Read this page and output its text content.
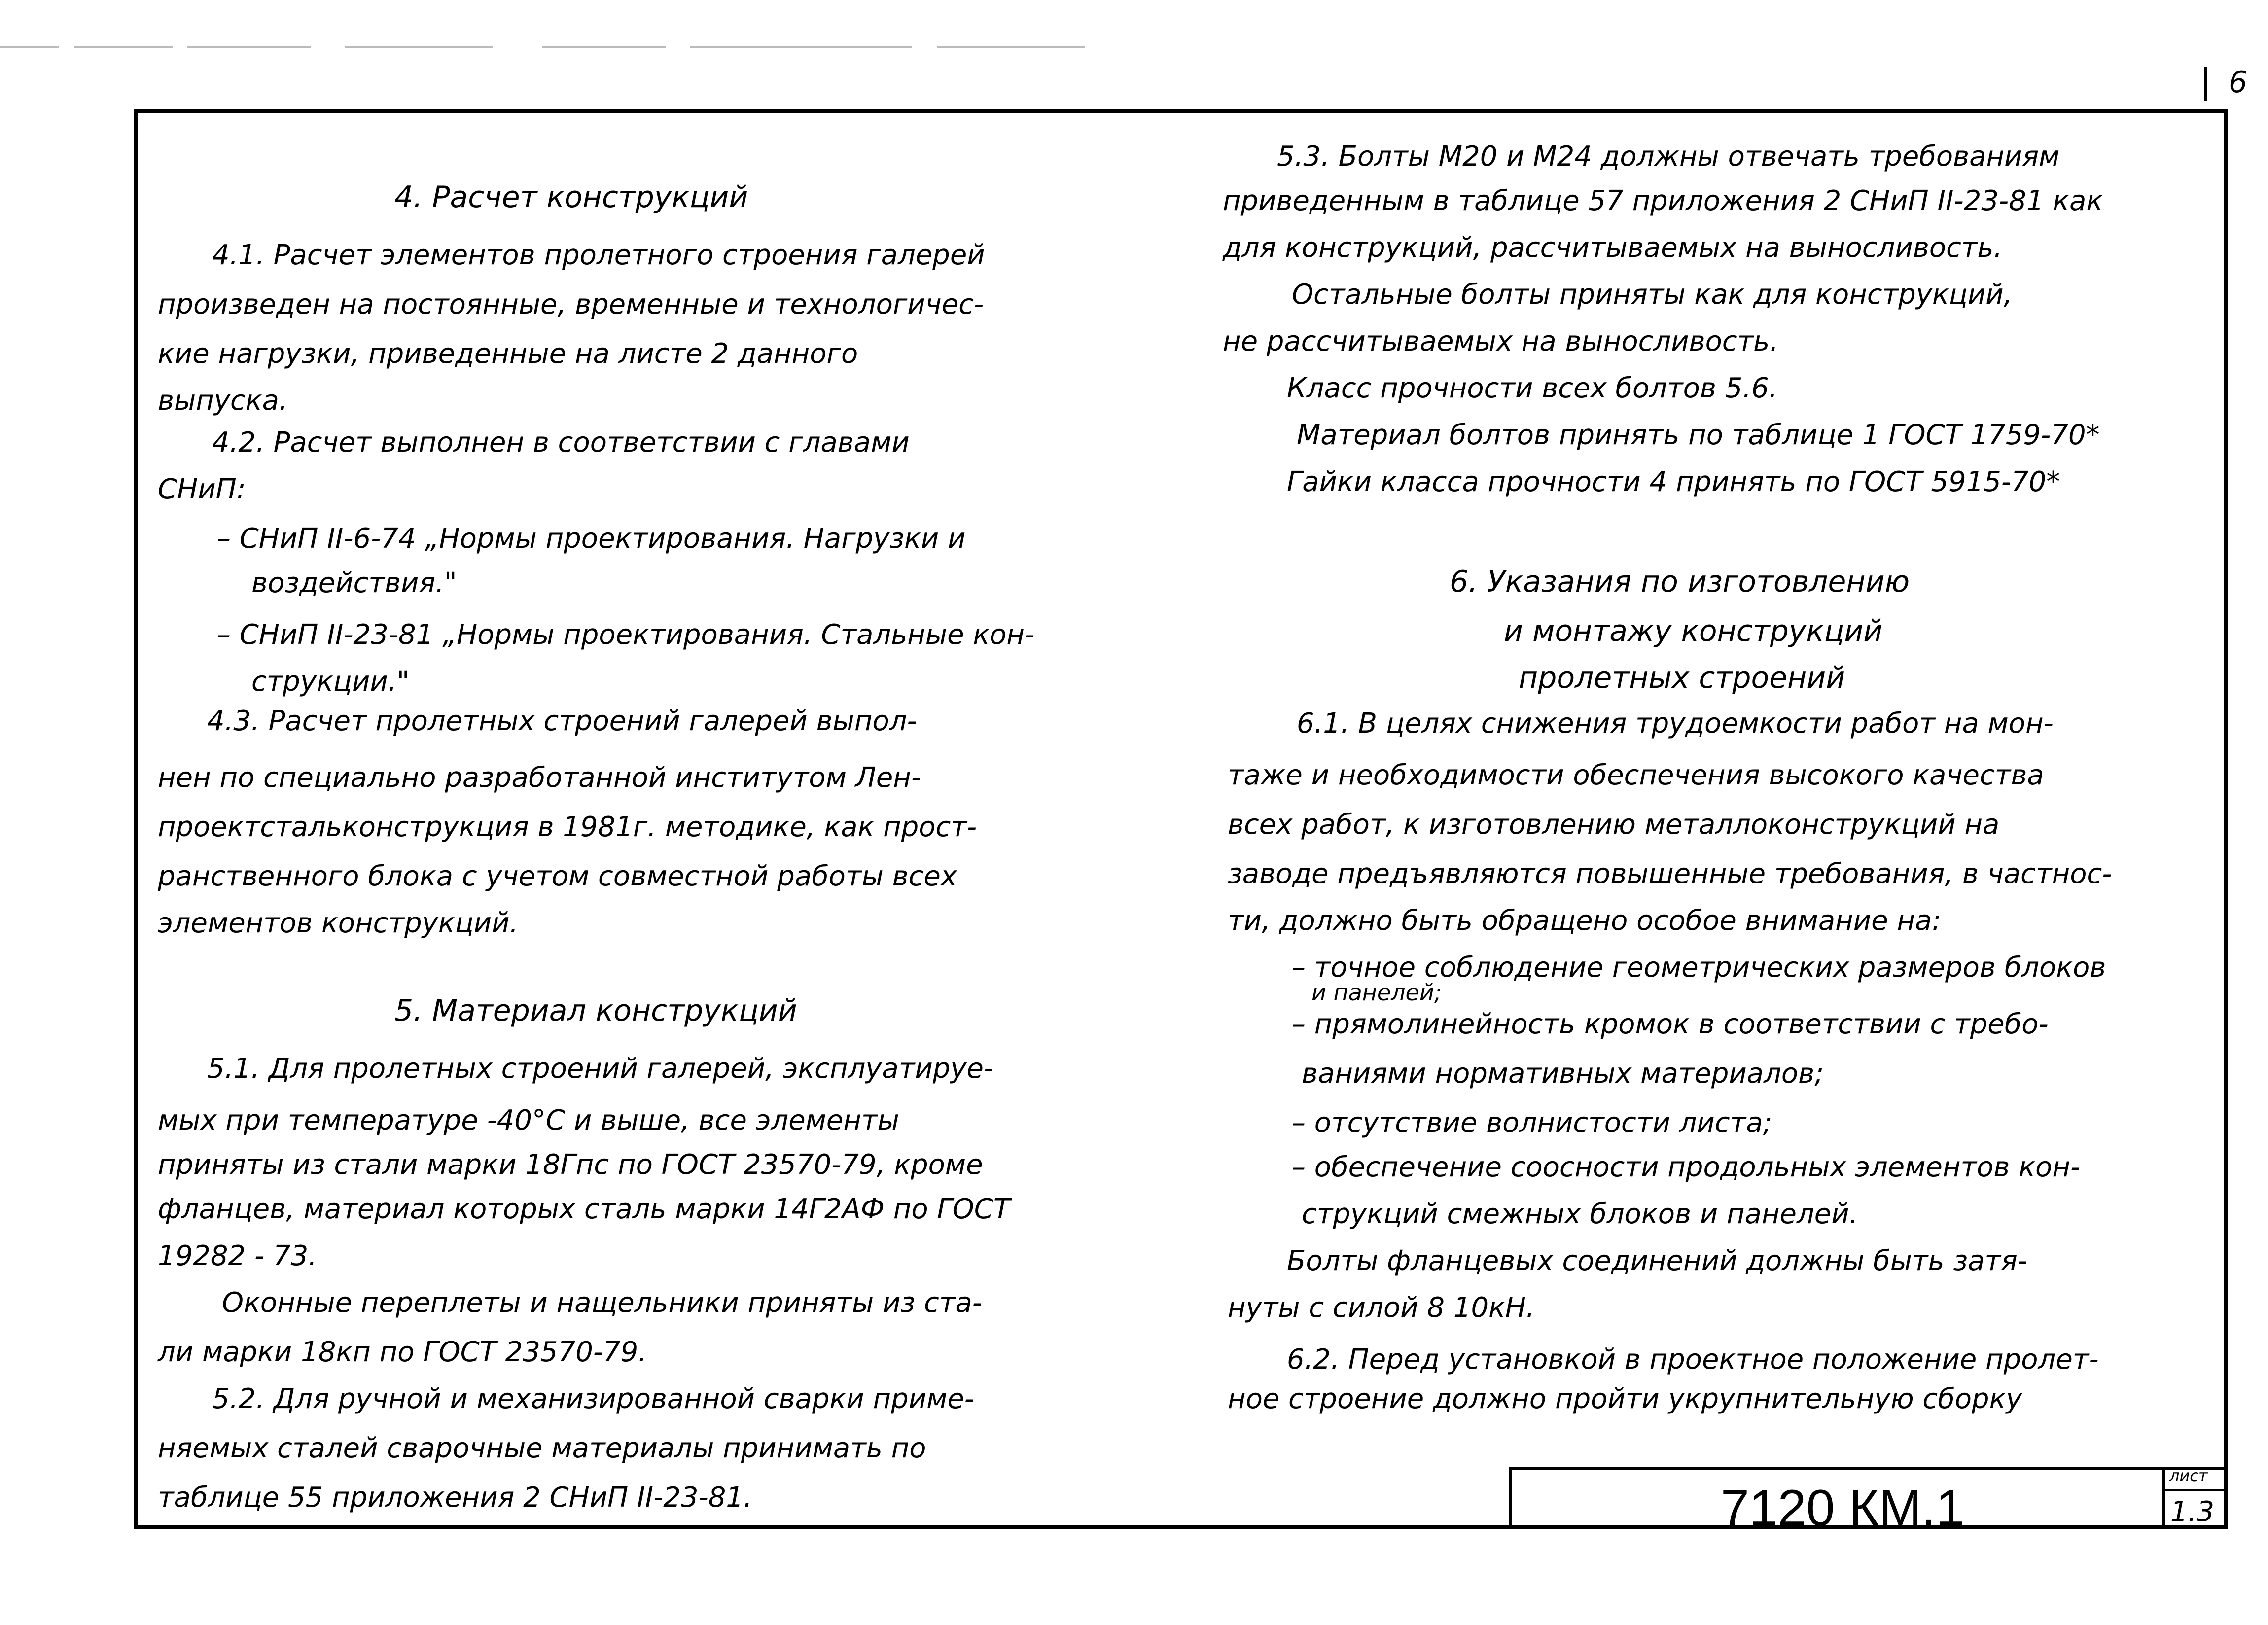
6
4. Расчет конструкций
4.1. Расчет элементов пролетного строения галерей
произведен на постоянные, временные и технологичес-
кие нагрузки, приведенные на листе 2 данного
выпуска.
4.2. Расчет выполнен в соответствии с главами
СНиП:
– СНиП II-6-74 „Нормы проектирования. Нагрузки и
воздействия."
– СНиП II-23-81 „Нормы проектирования. Стальные кон-
струкции."
4.3. Расчет пролетных строений галерей выпол-
нен по специально разработанной институтом Лен-
проектстальконструкция в 1981г. методике, как прост-
ранственного блока с учетом совместной работы всех
элементов конструкций.
5. Материал конструкций
5.1. Для пролетных строений галерей, эксплуатируе-
мых при температуре -40°С и выше, все элементы
приняты из стали марки 18Гпс по ГОСТ 23570-79, кроме
фланцев, материал которых сталь марки 14Г2АФ по ГОСТ
19282 - 73.
Оконные переплеты и нащельники приняты из ста-
ли марки 18кп по ГОСТ 23570-79.
5.2. Для ручной и механизированной сварки приме-
няемых сталей сварочные материалы принимать по
таблице 55 приложения 2 СНиП II-23-81.
5.3. Болты М20 и М24 должны отвечать требованиям
приведенным в таблице 57 приложения 2 СНиП II-23-81 как
для конструкций, рассчитываемых на выносливость.
Остальные болты приняты как для конструкций,
не рассчитываемых на выносливость.
Класс прочности всех болтов 5.6.
Материал болтов принять по таблице 1 ГОСТ 1759-70*
Гайки класса прочности 4 принять по ГОСТ 5915-70*
6. Указания по изготовлению
и монтажу конструкций
пролетных строений
6.1. В целях снижения трудоемкости работ на мон-
таже и необходимости обеспечения высокого качества
всех работ, к изготовлению металлоконструкций на
заводе предъявляются повышенные требования, в частнос-
ти, должно быть обращено особое внимание на:
– точное соблюдение геометрических размеров блоков
и панелей;
– прямолинейность кромок в соответствии с требо-
ваниями нормативных материалов;
– отсутствие волнистости листа;
– обеспечение соосности продольных элементов кон-
струкций смежных блоков и панелей.
Болты фланцевых соединений должны быть затя-
нуты с силой 8 10кН.
6.2. Перед установкой в проектное положение пролет-
ное строение должно пройти укрупнительную сборку
7120 КМ.1
лист
1.3
